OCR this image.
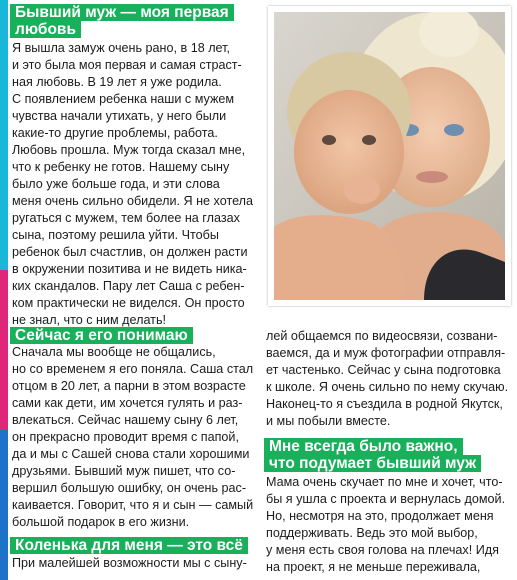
Бывший муж — моя первая
любовь

Я вышла замуж очень рано, в 18 лет,

и это была моя первая и самая страст-

ная любовь. В 19 лет я уже родила.

С появлением ребенка наши с мужем

чувства начали утихать, у него были

какие-то другие проблемы, работа.

Любовь прошла. Муж тогда сказал мне,

что к ребенку не готов. Нашему сыну

было уже больше года, и эти слова

меня очень сильно обидели. Я не хотела

ругаться с мужем, тем более на глазах

сына, поэтому решила уйти. Чтобы

ребенок был счастлив, он должен расти

в окружении позитива и не видеть ника-

ких скандалов. Пару лет Саша с ребен-

ком практически не виделся. Он просто

не знал, что с ним делать!

Сейчас я его понимаю

Сначала мы вообще не общались,

но со временем я его поняла. Саша стал

отцом в 20 лет, а парни в этом возрасте

сами как дети, им хочется гулять и раз-

влекаться. Сейчас нашему сыну 6 лет,

он прекрасно проводит время с папой,

да и мы с Сашей снова стали хорошими

друзьями. Бывший муж пишет, что со-

вершил большую ошибку, он очень рас-

каивается. Говорит, что я и сын — самый

большой подарок в его жизни.

Коленька для меня — это всё

При малейшей возможности мы с сыну-

лей общаемся по видеосвязи, созвани-

ваемся, да и муж фотографии отправля-

ет частенько. Сейчас у сына подготовка

к школе. Я очень сильно по нему скучаю.

Наконец-то я съездила в родной Якутск,

и мы побыли вместе.

Мне всегда было важно,
что подумает бывший муж

Мама очень скучает по мне и хочет, что-

бы я ушла с проекта и вернулась домой.

Но, несмотря на это, продолжает меня

поддерживать. Ведь это мой выбор,

у меня есть своя голова на плечах! Идя

на проект, я не меньше переживала,
